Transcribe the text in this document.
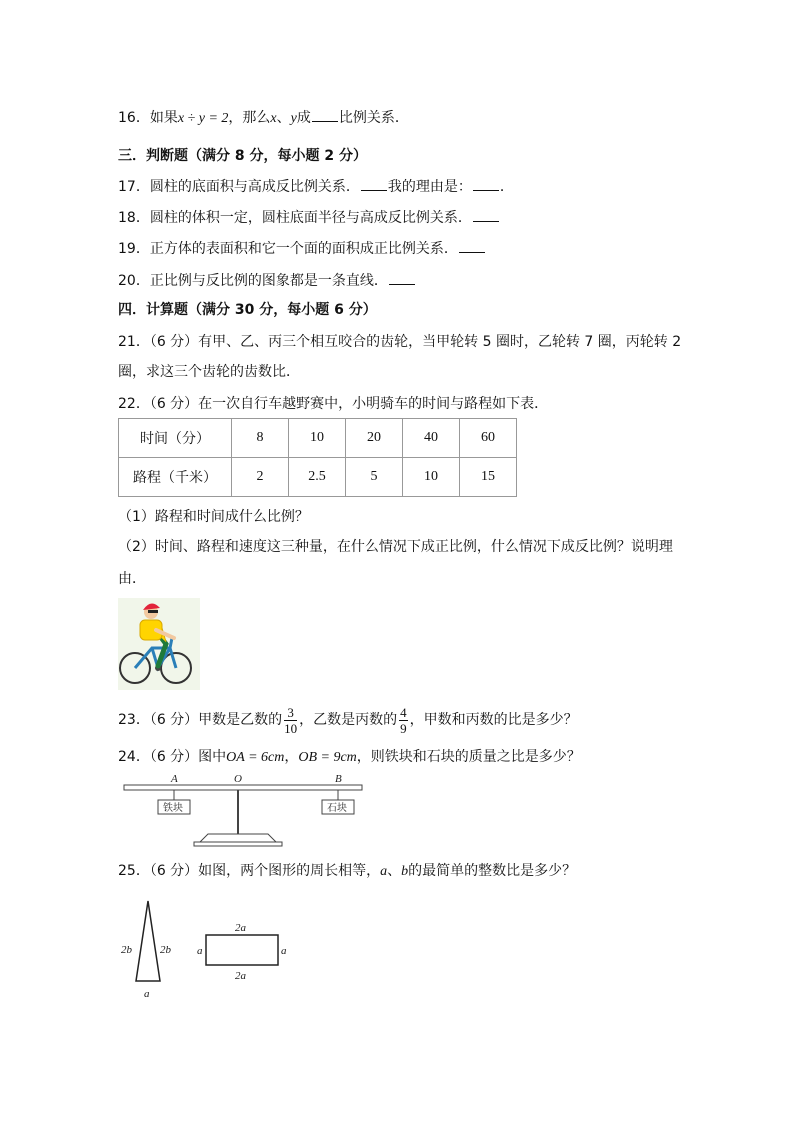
16．如果x ÷ y = 2，那么x、y成 比例关系．
三．判断题（满分 8 分，每小题 2 分）
17．圆柱的底面积与高成反比例关系． 我的理由是： ．
18．圆柱的体积一定，圆柱底面半径与高成反比例关系．
19．正方体的表面积和它一个面的面积成正比例关系．
20．正比例与反比例的图象都是一条直线．
四．计算题（满分 30 分，每小题 6 分）
21．（6 分）有甲、乙、丙三个相互咬合的齿轮，当甲轮转 5 圈时，乙轮转 7 圈，丙轮转 2
圈，求这三个齿轮的齿数比．
22．（6 分）在一次自行车越野赛中，小明骑车的时间与路程如下表．
时间（分）	8	10	20	40	60
路程（千米）	2	2.5	5	10	15
（1）路程和时间成什么比例？
（2）时间、路程和速度这三种量，在什么情况下成正比例，什么情况下成反比例？说明理
由．
23．（6 分）甲数是乙数的 $\frac{3}{10}$ ，乙数是丙数的 $\frac{4}{9}$ ，甲数和丙数的比是多少？
24．（6 分）图中OA = 6cm，OB = 9cm，则铁块和石块的质量之比是多少？
A	O	B
铁块	石块
25．（6 分）如图，两个图形的周长相等，a、b的最简单的整数比是多少？
2b	2b
a
2a
2a
a	a
